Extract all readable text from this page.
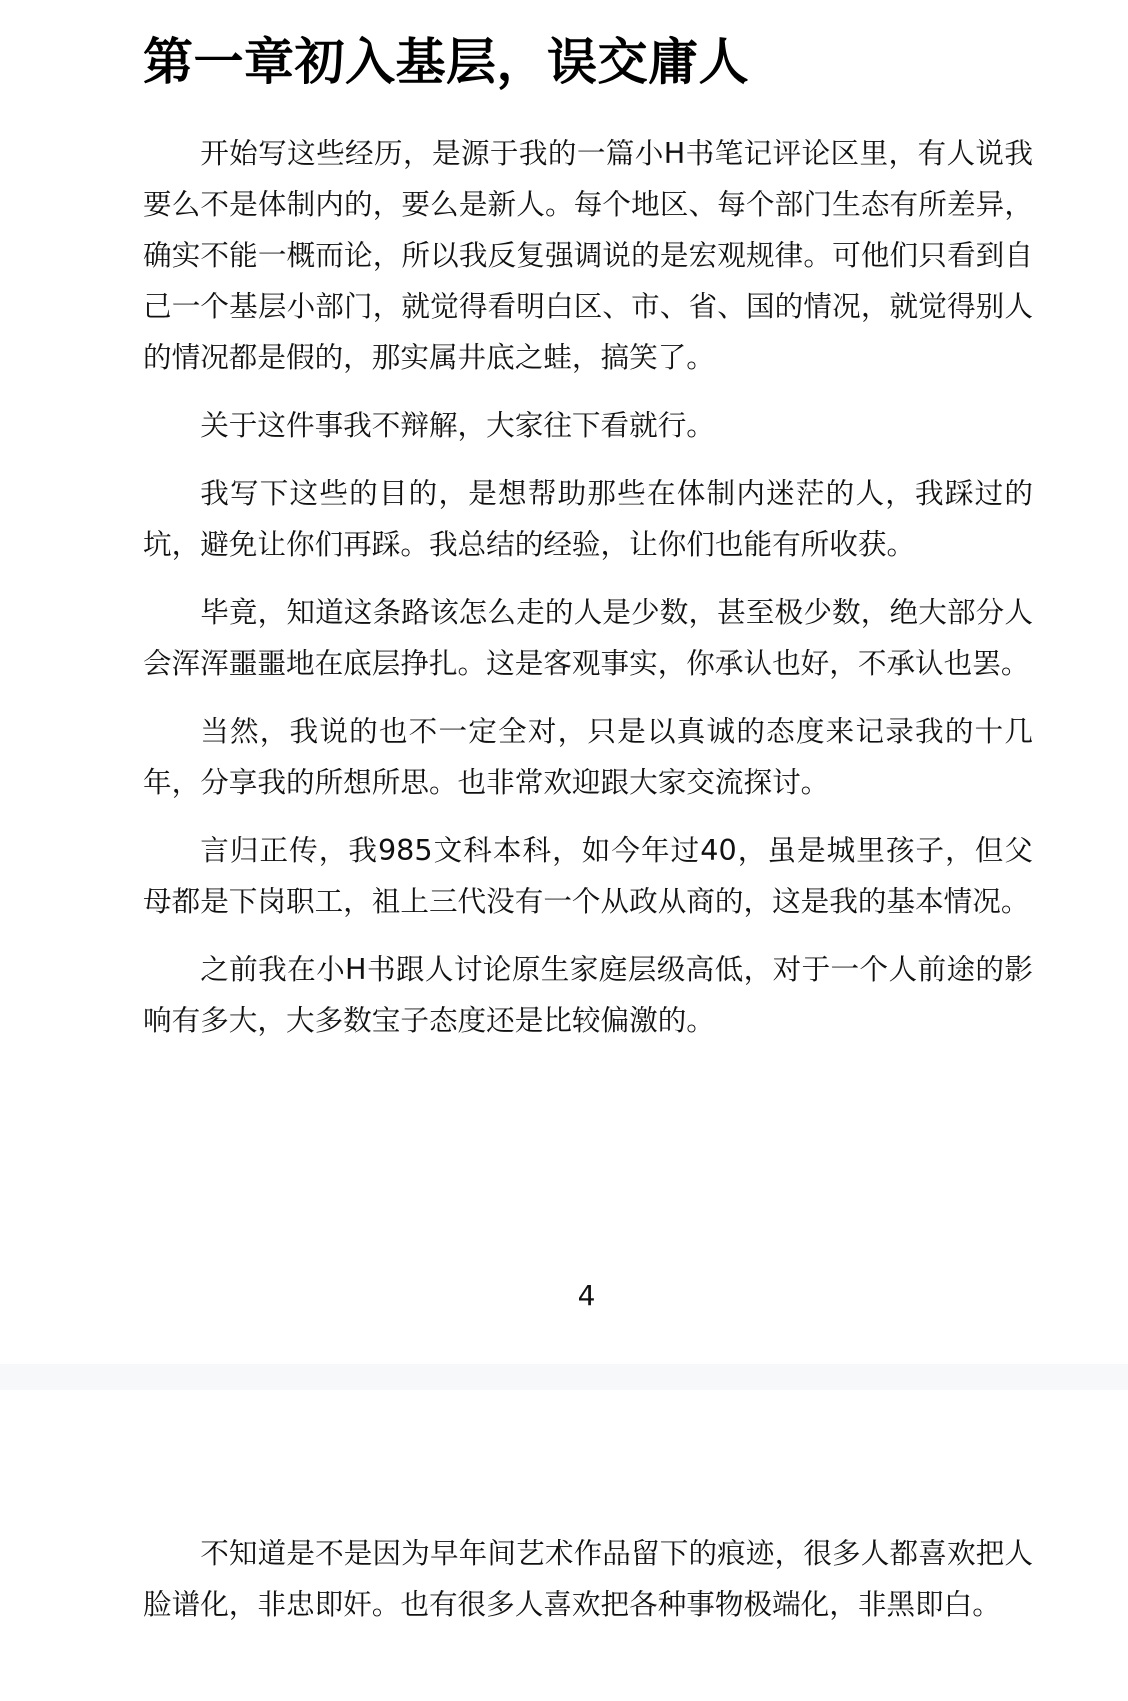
第一章初入基层，误交庸人

开始写这些经历，是源于我的一篇小H书笔记评论区里，有人说我要么不是体制内的，要么是新人。每个地区、每个部门生态有所差异，确实不能一概而论，所以我反复强调说的是宏观规律。可他们只看到自己一个基层小部门，就觉得看明白区、市、省、国的情况，就觉得别人的情况都是假的，那实属井底之蛙，搞笑了。

关于这件事我不辩解，大家往下看就行。

我写下这些的目的，是想帮助那些在体制内迷茫的人，我踩过的坑，避免让你们再踩。我总结的经验，让你们也能有所收获。

毕竟，知道这条路该怎么走的人是少数，甚至极少数，绝大部分人会浑浑噩噩地在底层挣扎。这是客观事实，你承认也好，不承认也罢。

当然，我说的也不一定全对，只是以真诚的态度来记录我的十几年，分享我的所想所思。也非常欢迎跟大家交流探讨。

言归正传，我985文科本科，如今年过40，虽是城里孩子，但父母都是下岗职工，祖上三代没有一个从政从商的，这是我的基本情况。

之前我在小H书跟人讨论原生家庭层级高低，对于一个人前途的影响有多大，大多数宝子态度还是比较偏激的。

4

不知道是不是因为早年间艺术作品留下的痕迹，很多人都喜欢把人脸谱化，非忠即奸。也有很多人喜欢把各种事物极端化，非黑即白。
